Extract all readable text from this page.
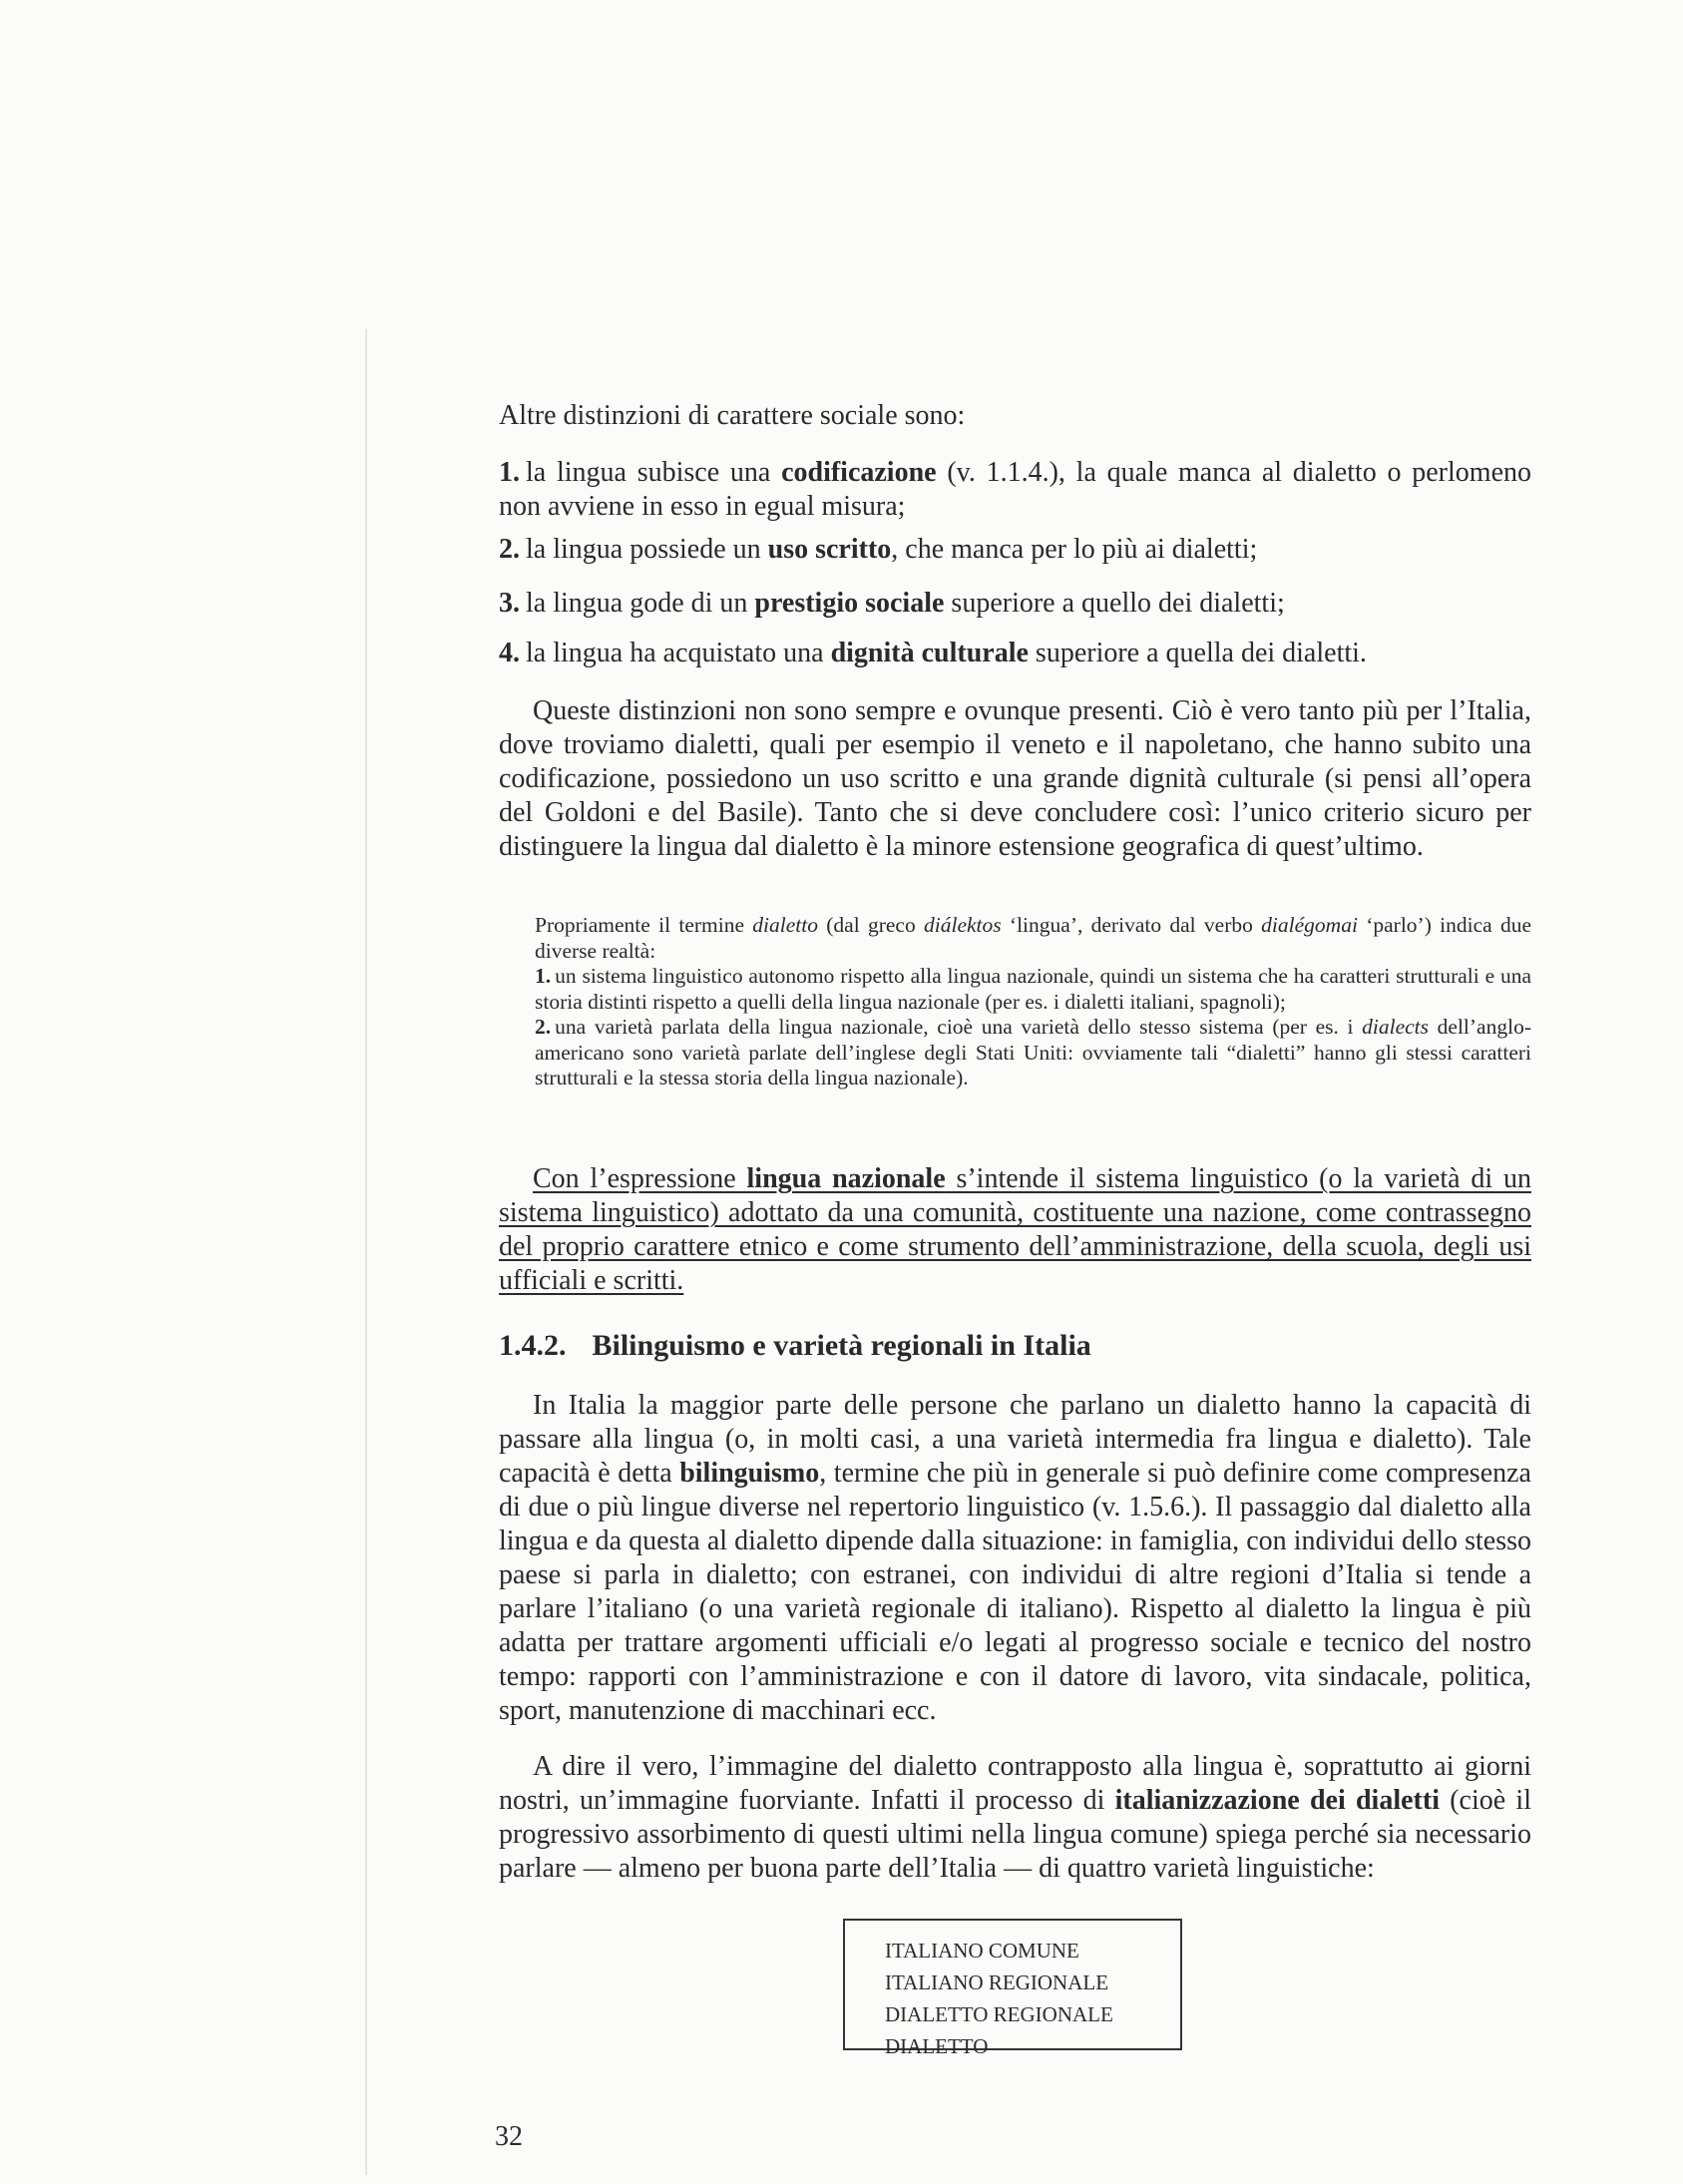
Altre distinzioni di carattere sociale sono:

1. la lingua subisce una codificazione (v. 1.1.4.), la quale manca al dialetto o perlomeno non avviene in esso in egual misura;

2. la lingua possiede un uso scritto, che manca per lo più ai dialetti;

3. la lingua gode di un prestigio sociale superiore a quello dei dialetti;

4. la lingua ha acquistato una dignità culturale superiore a quella dei dialetti.

Queste distinzioni non sono sempre e ovunque presenti. Ciò è vero tanto più per l’Italia, dove troviamo dialetti, quali per esempio il veneto e il napoletano, che hanno subito una codificazione, possiedono un uso scritto e una grande dignità culturale (si pensi all’opera del Goldoni e del Basile). Tanto che si deve concludere così: l’unico criterio sicuro per distinguere la lingua dal dialetto è la minore estensione geografica di quest’ultimo.

Propriamente il termine dialetto (dal greco diálektos ‘lingua’, derivato dal verbo dialégomai ‘parlo’) indica due diverse realtà:
1. un sistema linguistico autonomo rispetto alla lingua nazionale, quindi un sistema che ha caratteri strutturali e una storia distinti rispetto a quelli della lingua nazionale (per es. i dialetti italiani, spagnoli);
2. una varietà parlata della lingua nazionale, cioè una varietà dello stesso sistema (per es. i dialects dell’anglo-americano sono varietà parlate dell’inglese degli Stati Uniti: ovviamente tali “dialetti” hanno gli stessi caratteri strutturali e la stessa storia della lingua nazionale).

Con l’espressione lingua nazionale s’intende il sistema linguistico (o la varietà di un sistema linguistico) adottato da una comunità, costituente una nazione, come contrassegno del proprio carattere etnico e come strumento dell’amministrazione, della scuola, degli usi ufficiali e scritti.

1.4.2. Bilinguismo e varietà regionali in Italia

In Italia la maggior parte delle persone che parlano un dialetto hanno la capacità di passare alla lingua (o, in molti casi, a una varietà intermedia fra lingua e dialetto). Tale capacità è detta bilinguismo, termine che più in generale si può definire come compresenza di due o più lingue diverse nel repertorio linguistico (v. 1.5.6.). Il passaggio dal dialetto alla lingua e da questa al dialetto dipende dalla situazione: in famiglia, con individui dello stesso paese si parla in dialetto; con estranei, con individui di altre regioni d’Italia si tende a parlare l’italiano (o una varietà regionale di italiano). Rispetto al dialetto la lingua è più adatta per trattare argomenti ufficiali e/o legati al progresso sociale e tecnico del nostro tempo: rapporti con l’amministrazione e con il datore di lavoro, vita sindacale, politica, sport, manutenzione di macchinari ecc.

A dire il vero, l’immagine del dialetto contrapposto alla lingua è, soprattutto ai giorni nostri, un’immagine fuorviante. Infatti il processo di italianizzazione dei dialetti (cioè il progressivo assorbimento di questi ultimi nella lingua comune) spiega perché sia necessario parlare — almeno per buona parte dell’Italia — di quattro varietà linguistiche:

ITALIANO COMUNE
ITALIANO REGIONALE
DIALETTO REGIONALE
DIALETTO
32
